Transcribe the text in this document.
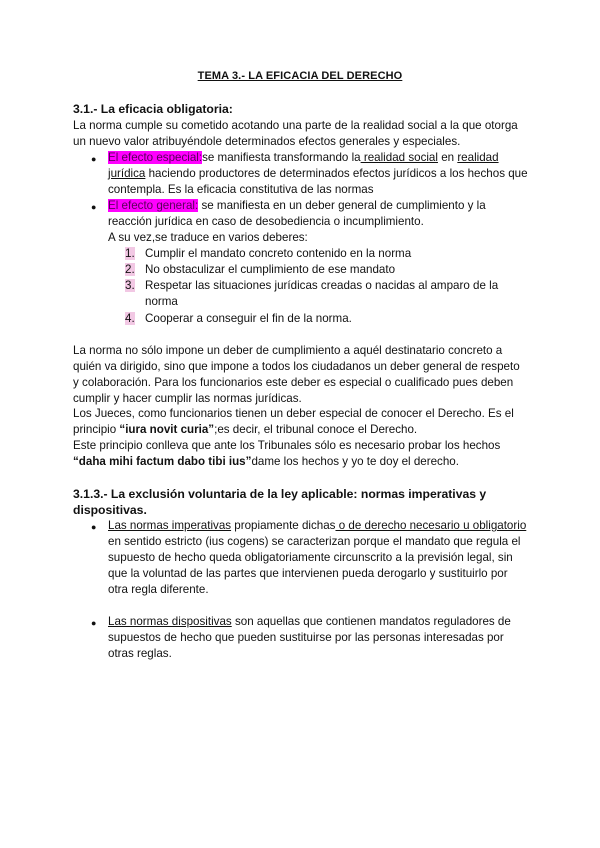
TEMA 3.- LA EFICACIA DEL DERECHO
3.1.- La eficacia obligatoria:
La norma cumple su cometido acotando una parte de la realidad social a la que otorga un nuevo valor atribuyéndole determinados efectos generales y especiales.
● El efecto especial:se manifiesta transformando la realidad social en realidad jurídica haciendo productores de determinados efectos jurídicos a los hechos que contempla. Es la eficacia constitutiva de las normas
● El efecto general: se manifiesta en un deber general de cumplimiento y la reacción jurídica en caso de desobediencia o incumplimiento.
A su vez,se traduce en varios deberes:
1. Cumplir el mandato concreto contenido en la norma
2. No obstaculizar el cumplimiento de ese mandato
3. Respetar las situaciones jurídicas creadas o nacidas al amparo de la norma
4. Cooperar a conseguir el fin de la norma.
La norma no sólo impone un deber de cumplimiento a aquél destinatario concreto a quién va dirigido, sino que impone a todos los ciudadanos un deber general de respeto y colaboración. Para los funcionarios este deber es especial o cualificado pues deben cumplir y hacer cumplir las normas jurídicas.
Los Jueces, como funcionarios tienen un deber especial de conocer el Derecho. Es el principio “iura novit curia”;es decir, el tribunal conoce el Derecho.
Este principio conlleva que ante los Tribunales sólo es necesario probar los hechos “daha mihi factum dabo tibi ius”dame los hechos y yo te doy el derecho.
3.1.3.- La exclusión voluntaria de la ley aplicable: normas imperativas y dispositivas.
● Las normas imperativas propiamente dichas o de derecho necesario u obligatorio en sentido estricto (ius cogens) se caracterizan porque el mandato que regula el supuesto de hecho queda obligatoriamente circunscrito a la previsión legal, sin que la voluntad de las partes que intervienen pueda derogarlo y sustituirlo por otra regla diferente.
● Las normas dispositivas son aquellas que contienen mandatos reguladores de supuestos de hecho que pueden sustituirse por las personas interesadas por otras reglas.
